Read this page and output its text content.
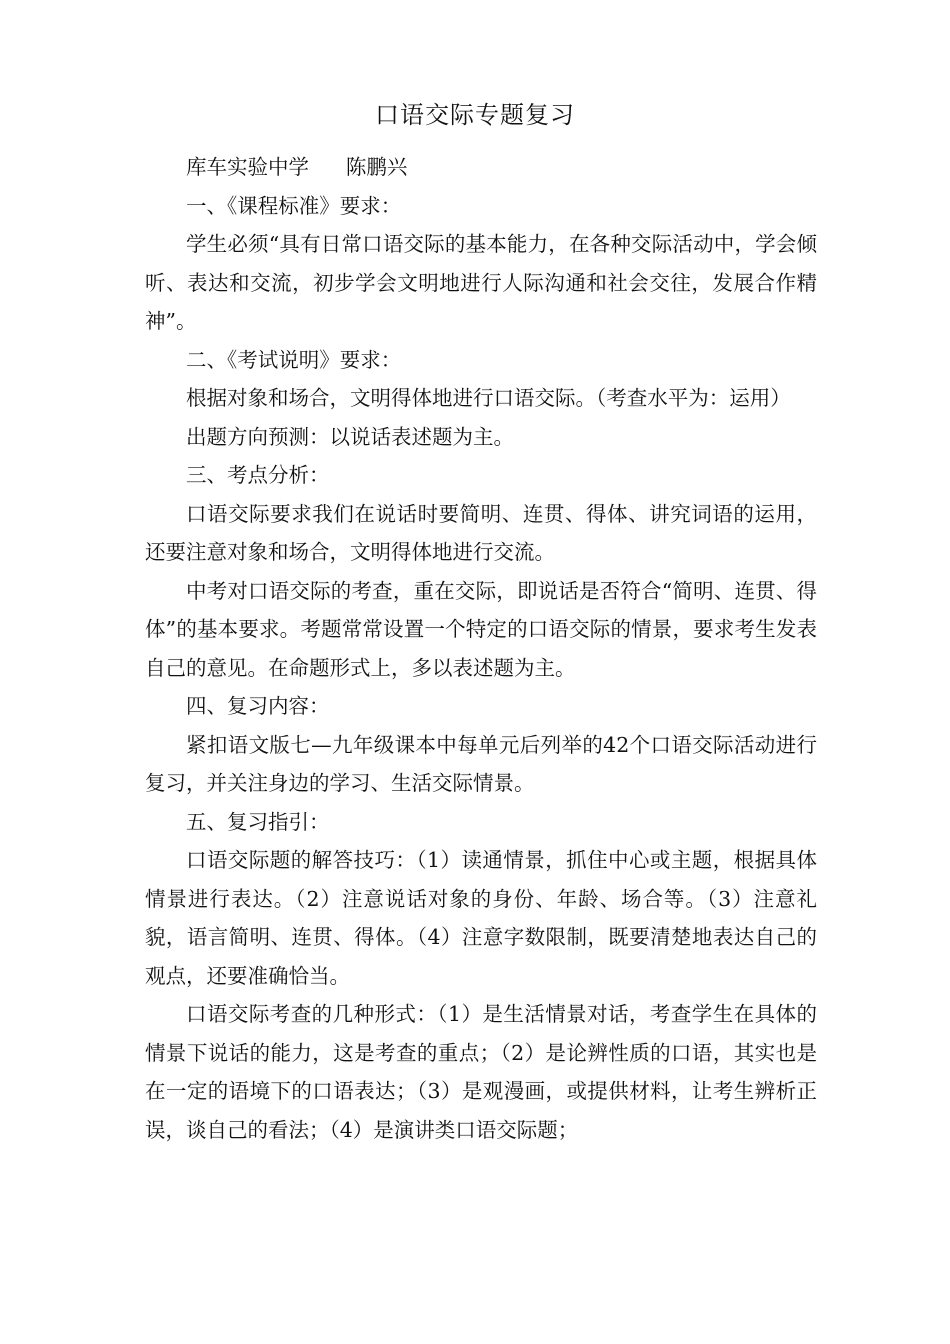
口语交际专题复习

库车实验中学 陈鹏兴

一、《课程标准》要求：

学生必须“具有日常口语交际的基本能力，在各种交际活动中，学会倾听、表达和交流，初步学会文明地进行人际沟通和社会交往，发展合作精神”。

二、《考试说明》要求：

根据对象和场合，文明得体地进行口语交际。（考查水平为：运用）

出题方向预测：以说话表述题为主。

三、考点分析：

口语交际要求我们在说话时要简明、连贯、得体、讲究词语的运用，还要注意对象和场合，文明得体地进行交流。

中考对口语交际的考查，重在交际，即说话是否符合“简明、连贯、得体”的基本要求。考题常常设置一个特定的口语交际的情景，要求考生发表自己的意见。在命题形式上，多以表述题为主。

四、复习内容：

紧扣语文版七—九年级课本中每单元后列举的42个口语交际活动进行复习，并关注身边的学习、生活交际情景。

五、复习指引：

口语交际题的解答技巧：（1）读通情景，抓住中心或主题，根据具体情景进行表达。（2）注意说话对象的身份、年龄、场合等。（3）注意礼貌，语言简明、连贯、得体。（4）注意字数限制，既要清楚地表达自己的观点，还要准确恰当。

口语交际考查的几种形式：（1）是生活情景对话，考查学生在具体的情景下说话的能力，这是考查的重点；（2）是论辨性质的口语，其实也是在一定的语境下的口语表达；（3）是观漫画，或提供材料，让考生辨析正误，谈自己的看法；（4）是演讲类口语交际题；
